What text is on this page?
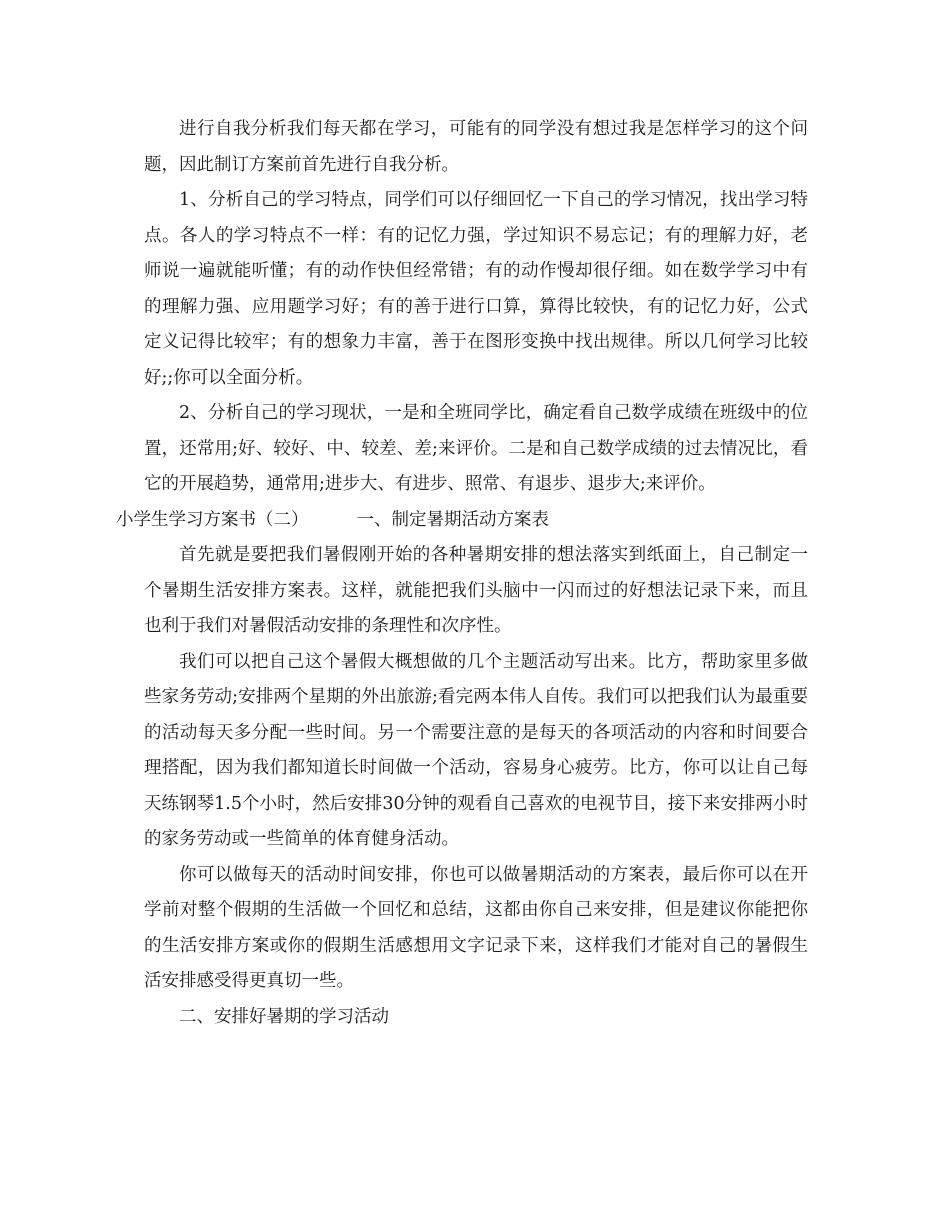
进行自我分析我们每天都在学习，可能有的同学没有想过我是怎样学习的这个问题，因此制订方案前首先进行自我分析。

1、分析自己的学习特点，同学们可以仔细回忆一下自己的学习情况，找出学习特点。各人的学习特点不一样：有的记忆力强，学过知识不易忘记；有的理解力好，老师说一遍就能听懂；有的动作快但经常错；有的动作慢却很仔细。如在数学学习中有的理解力强、应用题学习好；有的善于进行口算，算得比较快，有的记忆力好，公式定义记得比较牢；有的想象力丰富，善于在图形变换中找出规律。所以几何学习比较好;;你可以全面分析。

2、分析自己的学习现状，一是和全班同学比，确定看自己数学成绩在班级中的位置，还常用;好、较好、中、较差、差;来评价。二是和自己数学成绩的过去情况比，看它的开展趋势，通常用;进步大、有进步、照常、有退步、退步大;来评价。

小学生学习方案书（二）	一、制定暑期活动方案表

首先就是要把我们暑假刚开始的各种暑期安排的想法落实到纸面上，自己制定一个暑期生活安排方案表。这样，就能把我们头脑中一闪而过的好想法记录下来，而且也利于我们对暑假活动安排的条理性和次序性。

我们可以把自己这个暑假大概想做的几个主题活动写出来。比方，帮助家里多做些家务劳动;安排两个星期的外出旅游;看完两本伟人自传。我们可以把我们认为最重要的活动每天多分配一些时间。另一个需要注意的是每天的各项活动的内容和时间要合理搭配，因为我们都知道长时间做一个活动，容易身心疲劳。比方，你可以让自己每天练钢琴1.5个小时，然后安排30分钟的观看自己喜欢的电视节目，接下来安排两小时的家务劳动或一些简单的体育健身活动。

你可以做每天的活动时间安排，你也可以做暑期活动的方案表，最后你可以在开学前对整个假期的生活做一个回忆和总结，这都由你自己来安排，但是建议你能把你的生活安排方案或你的假期生活感想用文字记录下来，这样我们才能对自己的暑假生活安排感受得更真切一些。

二、安排好暑期的学习活动
